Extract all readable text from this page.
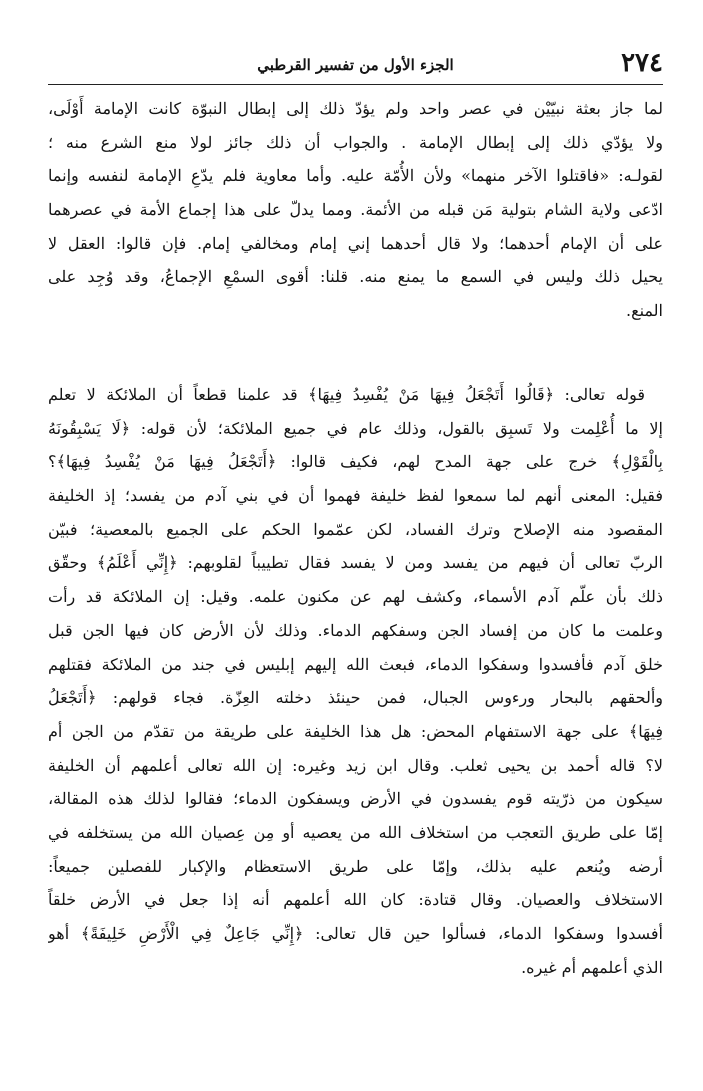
٢٧٤
الجزء الأول من تفسير القرطبي
لما جاز بعثة نبيّيْن في عصر واحد ولم يؤدّ ذلك إلى إبطال النبوّة كانت الإمامة أَوْلَى،
ولا يؤدّي ذلك إلى إبطال الإمامة . والجواب أن ذلك جائز لولا منع الشرع منه ؛
لقولـه: «فاقتلوا الآخر منهما» ولأن الأُمّة عليه. وأما معاوية فلم يدّعِ الإمامة لنفسه وإنما
ادّعى ولاية الشام بتولية مَن قبله من الأئمة. ومما يدلّ على هذا إجماع الأمة في عصرهما
على أن الإمام أحدهما؛ ولا قال أحدهما إني إمام ومخالفي إمام. فإن قالوا: العقل لا
يحيل ذلك وليس في السمع ما يمنع منه. قلنا: أقوى السمْعِ الإجماعُ، وقد وُجِد على
المنع.
قوله تعالى: ﴿قَالُوا أَتَجْعَلُ فِيهَا مَنْ يُفْسِدُ فِيهَا﴾ قد علمنا قطعاً أن الملائكة لا تعلم
إلا ما أُعْلِمت ولا تَسبِق بالقول، وذلك عام في جميع الملائكة؛ لأن قوله: ﴿لَا يَسْبِقُونَهُ
بِالْقَوْلِ﴾ خرج على جهة المدح لهم، فكيف قالوا: ﴿أَتَجْعَلُ فِيهَا مَنْ يُفْسِدُ فِيهَا﴾؟
فقيل: المعنى أنهم لما سمعوا لفظ خليفة فهموا أن في بني آدم من يفسد؛ إذ الخليفة
المقصود منه الإصلاح وترك الفساد، لكن عمّموا الحكم على الجميع بالمعصية؛ فبيّن
الربّ تعالى أن فيهم من يفسد ومن لا يفسد فقال تطييباً لقلوبهم: ﴿إِنِّي أَعْلَمُ﴾ وحقّق
ذلك بأن علّم آدم الأسماء، وكشف لهم عن مكنون علمه. وقيل: إن الملائكة قد رأت
وعلمت ما كان من إفساد الجن وسفكهم الدماء. وذلك لأن الأرض كان فيها الجن قبل
خلق آدم فأفسدوا وسفكوا الدماء، فبعث الله إليهم إبليس في جند من الملائكة فقتلهم
وألحقهم بالبحار ورءوس الجبال، فمن حينئذ دخلته العِزّة. فجاء قولهم: ﴿أَتَجْعَلُ
فِيهَا﴾ على جهة الاستفهام المحض: هل هذا الخليفة على طريقة من تقدّم من الجن أم
لا؟ قاله أحمد بن يحيى ثعلب. وقال ابن زيد وغيره: إن الله تعالى أعلمهم أن الخليفة
سيكون من ذرّيته قوم يفسدون في الأرض ويسفكون الدماء؛ فقالوا لذلك هذه المقالة،
إمّا على طريق التعجب من استخلاف الله من يعصيه أو مِن عِصيان الله من يستخلفه في
أرضه ويُنعم عليه بذلك، وإمّا على طريق الاستعظام والإكبار للفصلين جميعاً:
الاستخلاف والعصيان. وقال قتادة: كان الله أعلمهم أنه إذا جعل في الأرض خلقاً
أفسدوا وسفكوا الدماء، فسألوا حين قال تعالى: ﴿إِنِّي جَاعِلٌ فِي الْأَرْضِ خَلِيفَةً﴾ أهو
الذي أعلمهم أم غيره.
